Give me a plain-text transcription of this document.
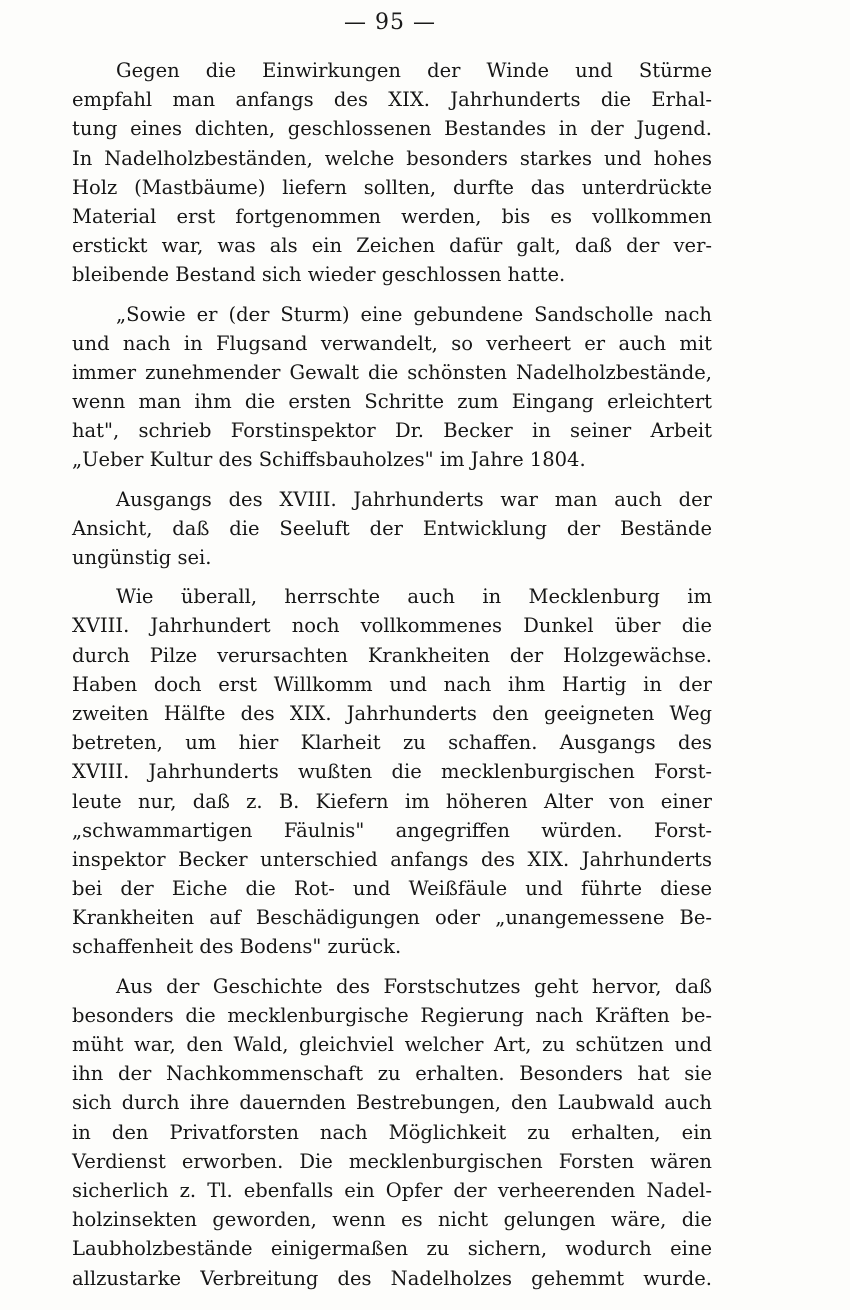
— 95 —
Gegen die Einwirkungen der Winde und Stürme
empfahl man anfangs des XIX. Jahrhunderts die Erhal-
tung eines dichten, geschlossenen Bestandes in der Jugend.
In Nadelholzbeständen, welche besonders starkes und hohes
Holz (Mastbäume) liefern sollten, durfte das unterdrückte
Material erst fortgenommen werden, bis es vollkommen
erstickt war, was als ein Zeichen dafür galt, daß der ver-
bleibende Bestand sich wieder geschlossen hatte.
„Sowie er (der Sturm) eine gebundene Sandscholle nach
und nach in Flugsand verwandelt, so verheert er auch mit
immer zunehmender Gewalt die schönsten Nadelholzbestände,
wenn man ihm die ersten Schritte zum Eingang erleichtert
hat", schrieb Forstinspektor Dr. Becker in seiner Arbeit
„Ueber Kultur des Schiffsbauholzes" im Jahre 1804.
Ausgangs des XVIII. Jahrhunderts war man auch der
Ansicht, daß die Seeluft der Entwicklung der Bestände
ungünstig sei.
Wie überall, herrschte auch in Mecklenburg im
XVIII. Jahrhundert noch vollkommenes Dunkel über die
durch Pilze verursachten Krankheiten der Holzgewächse.
Haben doch erst Willkomm und nach ihm Hartig in der
zweiten Hälfte des XIX. Jahrhunderts den geeigneten Weg
betreten, um hier Klarheit zu schaffen. Ausgangs des
XVIII. Jahrhunderts wußten die mecklenburgischen Forst-
leute nur, daß z. B. Kiefern im höheren Alter von einer
„schwammartigen Fäulnis" angegriffen würden. Forst-
inspektor Becker unterschied anfangs des XIX. Jahrhunderts
bei der Eiche die Rot- und Weißfäule und führte diese
Krankheiten auf Beschädigungen oder „unangemessene Be-
schaffenheit des Bodens" zurück.
Aus der Geschichte des Forstschutzes geht hervor, daß
besonders die mecklenburgische Regierung nach Kräften be-
müht war, den Wald, gleichviel welcher Art, zu schützen und
ihn der Nachkommenschaft zu erhalten. Besonders hat sie
sich durch ihre dauernden Bestrebungen, den Laubwald auch
in den Privatforsten nach Möglichkeit zu erhalten, ein
Verdienst erworben. Die mecklenburgischen Forsten wären
sicherlich z. Tl. ebenfalls ein Opfer der verheerenden Nadel-
holzinsekten geworden, wenn es nicht gelungen wäre, die
Laubholzbestände einigermaßen zu sichern, wodurch eine
allzustarke Verbreitung des Nadelholzes gehemmt wurde.
